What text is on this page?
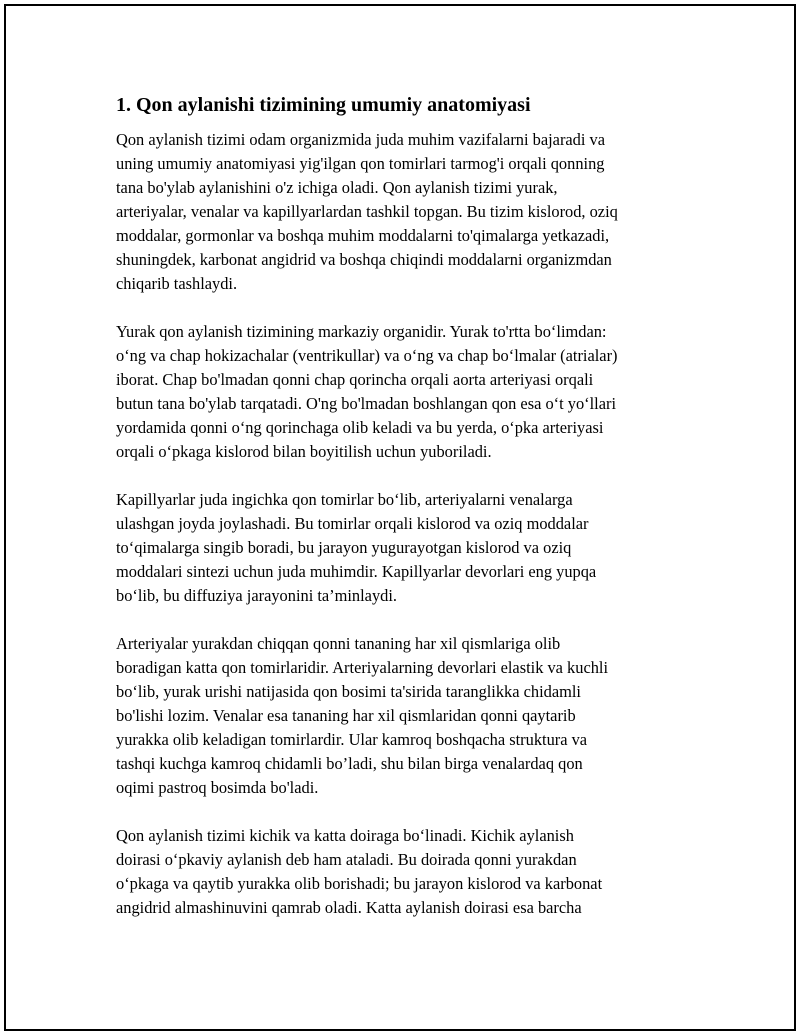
1. Qon aylanishi tizimining umumiy anatomiyasi
Qon aylanish tizimi odam organizmida juda muhim vazifalarni bajaradi va
uning umumiy anatomiyasi yig'ilgan qon tomirlari tarmog'i orqali qonning
tana bo'ylab aylanishini o'z ichiga oladi. Qon aylanish tizimi yurak,
arteriyalar, venalar va kapillyarlardan tashkil topgan. Bu tizim kislorod, oziq
moddalar, gormonlar va boshqa muhim moddalarni to'qimalarga yetkazadi,
shuningdek, karbonat angidrid va boshqa chiqindi moddalarni organizmdan
chiqarib tashlaydi.
Yurak qon aylanish tizimining markaziy organidir. Yurak to'rtta bo‘limdan:
o‘ng va chap hokizachalar (ventrikullar) va o‘ng va chap bo‘lmalar (atrialar)
iborat. Chap bo'lmadan qonni chap qorincha orqali aorta arteriyasi orqali
butun tana bo'ylab tarqatadi. O'ng bo'lmadan boshlangan qon esa o‘t yo‘llari
yordamida qonni o‘ng qorinchaga olib keladi va bu yerda, o‘pka arteriyasi
orqali o‘pkaga kislorod bilan boyitilish uchun yuboriladi.
Kapillyarlar juda ingichka qon tomirlar bo‘lib, arteriyalarni venalarga
ulashgan joyda joylashadi. Bu tomirlar orqali kislorod va oziq moddalar
to‘qimalarga singib boradi, bu jarayon yugurayotgan kislorod va oziq
moddalari sintezi uchun juda muhimdir. Kapillyarlar devorlari eng yupqa
bo‘lib, bu diffuziya jarayonini ta’minlaydi.
Arteriyalar yurakdan chiqqan qonni tananing har xil qismlariga olib
boradigan katta qon tomirlaridir. Arteriyalarning devorlari elastik va kuchli
bo‘lib, yurak urishi natijasida qon bosimi ta'sirida taranglikka chidamli
bo'lishi lozim. Venalar esa tananing har xil qismlaridan qonni qaytarib
yurakka olib keladigan tomirlardir. Ular kamroq boshqacha struktura va
tashqi kuchga kamroq chidamli bo’ladi, shu bilan birga venalardaq qon
oqimi pastroq bosimda bo'ladi.
Qon aylanish tizimi kichik va katta doiraga bo‘linadi. Kichik aylanish
doirasi o‘pkaviy aylanish deb ham ataladi. Bu doirada qonni yurakdan
o‘pkaga va qaytib yurakka olib borishadi; bu jarayon kislorod va karbonat
angidrid almashinuvini qamrab oladi. Katta aylanish doirasi esa barcha
